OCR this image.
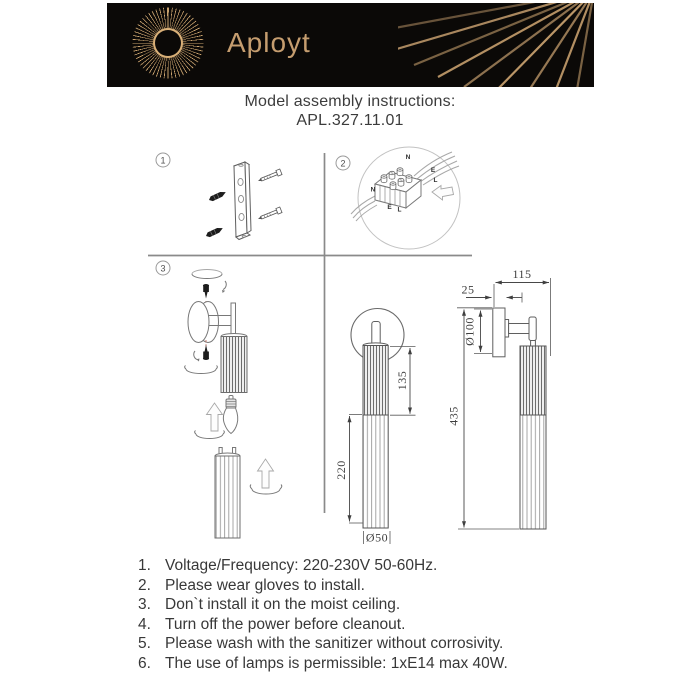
Aployt
Model assembly instructions:
APL.327.11.01
1	2
3
N
E
L
N
E L
135
220
Ø50
115
25
Ø100
435
Voltage/Frequency: 220-230V 50-60Hz.
Please wear gloves to install.
Don`t install it on the moist ceiling.
Turn off the power before cleanout.
Please wash with the sanitizer without corrosivity.
The use of lamps is permissible: 1xE14 max 40W.
